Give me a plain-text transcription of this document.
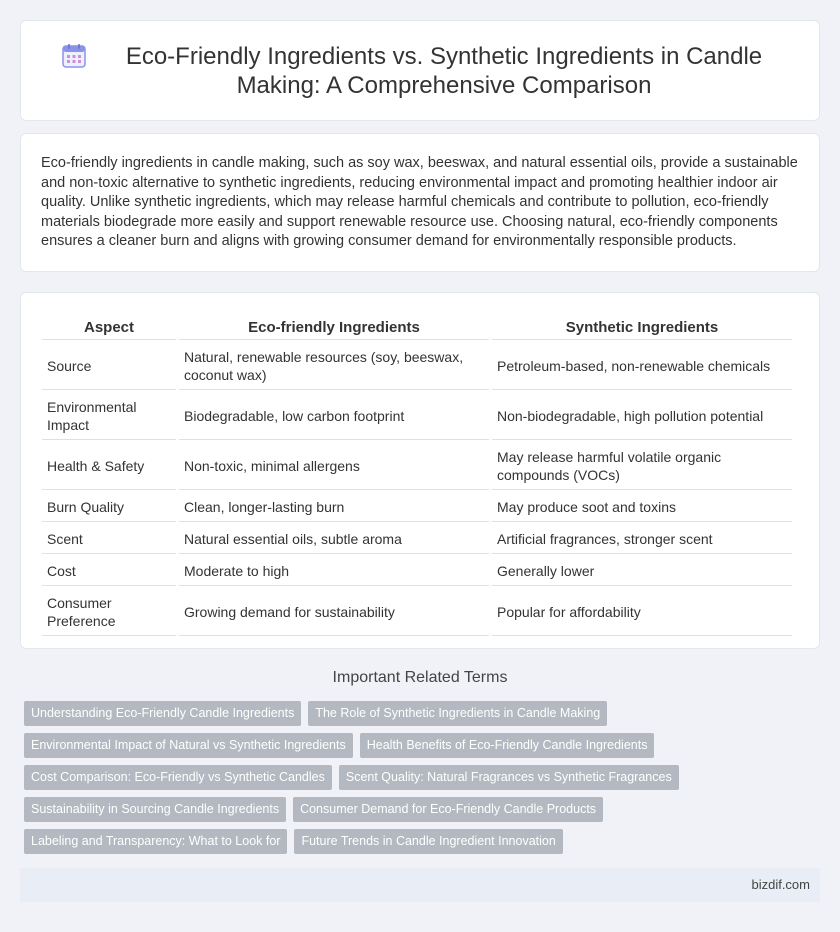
Eco-Friendly Ingredients vs. Synthetic Ingredients in Candle Making: A Comprehensive Comparison

Eco-friendly ingredients in candle making, such as soy wax, beeswax, and natural essential oils, provide a sustainable and non-toxic alternative to synthetic ingredients, reducing environmental impact and promoting healthier indoor air quality. Unlike synthetic ingredients, which may release harmful chemicals and contribute to pollution, eco-friendly materials biodegrade more easily and support renewable resource use. Choosing natural, eco-friendly components ensures a cleaner burn and aligns with growing consumer demand for environmentally responsible products.

Aspect	Eco-friendly Ingredients	Synthetic Ingredients
Source	Natural, renewable resources (soy, beeswax, coconut wax)	Petroleum-based, non-renewable chemicals
Environmental Impact	Biodegradable, low carbon footprint	Non-biodegradable, high pollution potential
Health & Safety	Non-toxic, minimal allergens	May release harmful volatile organic compounds (VOCs)
Burn Quality	Clean, longer-lasting burn	May produce soot and toxins
Scent	Natural essential oils, subtle aroma	Artificial fragrances, stronger scent
Cost	Moderate to high	Generally lower
Consumer Preference	Growing demand for sustainability	Popular for affordability
Important Related Terms
Understanding Eco-Friendly Candle Ingredients	The Role of Synthetic Ingredients in Candle Making
Environmental Impact of Natural vs Synthetic Ingredients	Health Benefits of Eco-Friendly Candle Ingredients
Cost Comparison: Eco-Friendly vs Synthetic Candles	Scent Quality: Natural Fragrances vs Synthetic Fragrances
Sustainability in Sourcing Candle Ingredients	Consumer Demand for Eco-Friendly Candle Products
Labeling and Transparency: What to Look for	Future Trends in Candle Ingredient Innovation
bizdif.com
